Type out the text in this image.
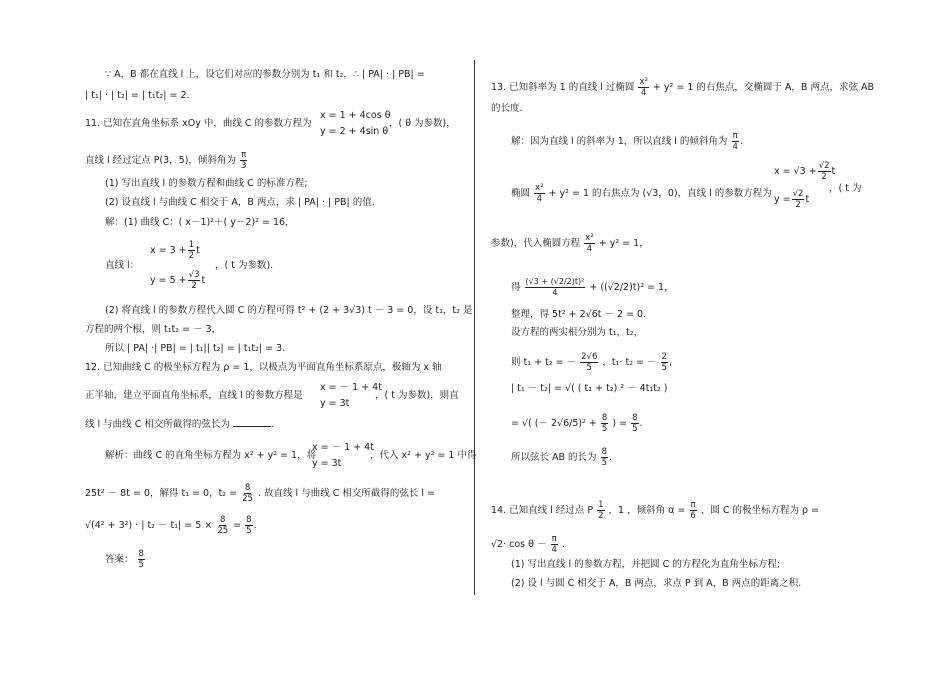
∵ A，B 都在直线 l 上，设它们对应的参数分别为 t₁ 和 t₂，∴ | PA| · | PB| =
| t₁| · | t₂| = | t₁t₂| = 2.
11. 已知在直角坐标系 xOy 中，曲线 C 的参数方程为
x = 1 + 4cos θ
y = 2 + 4sin θ
，( θ 为参数)，
直线 l 经过定点 P(3，5)，倾斜角为 $\frac{\pi}{3}$
(1) 写出直线 l 的参数方程和曲线 C 的标准方程;
(2) 设直线 l 与曲线 C 相交于 A，B 两点，求 | PA| · | PB| 的值.
解：(1) 曲线 C：( x－1)²＋( y－2)² = 16，
直线 l：
$x = 3 + \frac{1}{2}$ t
$y = 5 + \frac{√3}{2}$ t
，( t 为参数).
(2) 将直线 l 的参数方程代入圆 C 的方程可得 t² + (2 + 3√3) t － 3 = 0，设 t₁，t₂ 是
方程的两个根，则 t₁t₂ = － 3，
所以 | PA| ·| PB| = | t₁|| t₂| = | t₁t₂| = 3.
12. 已知曲线 C 的极坐标方程为 ρ = 1，以极点为平面直角坐标系原点，极轴为 x 轴
正半轴，建立平面直角坐标系，直线 l 的参数方程是
x = － 1 + 4t
y = 3t
，( t 为参数)，则直
线 l 与曲线 C 相交所截得的弦长为	.
解析：曲线 C 的直角坐标方程为 x² + y² = 1，将
x = － 1 + 4t
y = 3t
，代入 x² + y² = 1 中得
25t² － 8t = 0，解得 t₁ = 0，$t_2 = \frac{8}{25}$ . 故直线 l 与曲线 C 相交所截得的弦长 l =
√(4² + 3²) · | $t_2 - t_1| = 5 \times \frac{8}{25} = \frac{8}{5}$ .
答案： $\frac{8}{5}$
13. 已知斜率为 1 的直线 l 过椭圆 $\frac{\text{x²}}{4} + y^2 = 1$ 的右焦点，交椭圆于 A，B 两点，求弦 AB
的长度.
解：因为直线 l 的斜率为 1，所以直线 l 的倾斜角为 $\frac{\pi}{4}$ .
$x = √3 + \frac{√2}{2}$ t
$y = \frac{√2}{2}$ t
椭圆 $\frac{\text{x²}}{4} + y^2 = 1$ 的右焦点为 (√3，0)，直线 l 的参数方程为	，( t 为
参数)，代入椭圆方程 $\frac{\text{x²}}{4} + y^2 = 1$，
得 $\frac{\text{(√3 + (√2/2)t)²}}{4} + ((√2/2)t)^2 = 1$，
整理，得 5t² + 2√6t － 2 = 0.
设方程的两实根分别为 t₁，t₂，
则 t₁ + t₂ = － $\frac{2√6}{5}$ ，t₁· t₂ = － $\frac{2}{5}$ ,
| t₁ － t₂| = √( ( t₁ + t₂) ² － 4t₁t₂ )
= √( (－ $2√6/5)^2 + \frac{8}{5}$ ) = $\frac{8}{5}$ .
所以弦长 AB 的长为 $\frac{8}{5}$ .
14. 已知直线 l 经过点 P $\frac{1}{2}$ ，1 ，倾斜角 $\alpha = \frac{\pi}{6}$ ，圆 C 的极坐标方程为 ρ =
$√2\cdot \cos \theta - \frac{\pi}{4}$ .
(1) 写出直线 l 的参数方程，并把圆 C 的方程化为直角坐标方程;
(2) 设 l 与圆 C 相交于 A，B 两点，求点 P 到 A，B 两点的距离之积.
